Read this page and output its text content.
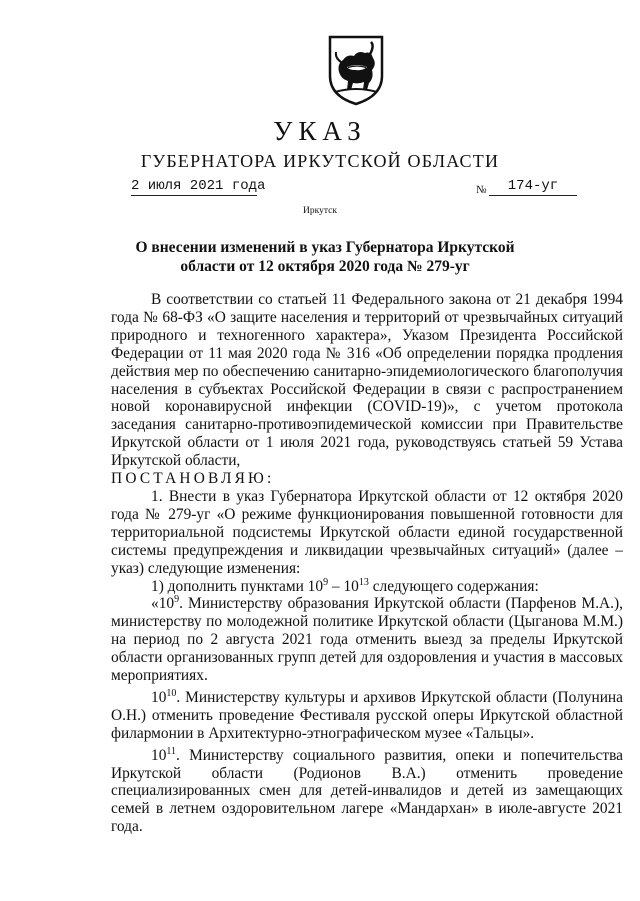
УКАЗ
ГУБЕРНАТОРА ИРКУТСКОЙ ОБЛАСТИ
2 июля 2021 года	№	174-уг
Иркутск
О внесении изменений в указ Губернатора Иркутской области от 12 октября 2020 года № 279-уг

В соответствии со статьей 11 Федерального закона от 21 декабря 1994 года № 68-ФЗ «О защите населения и территорий от чрезвычайных ситуаций природного и техногенного характера», Указом Президента Российской Федерации от 11 мая 2020 года № 316 «Об определении порядка продления действия мер по обеспечению санитарно-эпидемиологического благополучия населения в субъектах Российской Федерации в связи с распространением новой коронавирусной инфекции (COVID-19)», с учетом протокола заседания санитарно-противоэпидемической комиссии при Правительстве Иркутской области от 1 июля 2021 года, руководствуясь статьей 59 Устава Иркутской области,

ПОСТАНОВЛЯЮ:

1. Внести в указ Губернатора Иркутской области от 12 октября 2020 года № 279-уг «О режиме функционирования повышенной готовности для территориальной подсистемы Иркутской области единой государственной системы предупреждения и ликвидации чрезвычайных ситуаций» (далее – указ) следующие изменения:

1) дополнить пунктами $10^9 - 10^{13}$ следующего содержания:

«$10^9$. Министерству образования Иркутской области (Парфенов М.А.), министерству по молодежной политике Иркутской области (Цыганова М.М.) на период по 2 августа 2021 года отменить выезд за пределы Иркутской области организованных групп детей для оздоровления и участия в массовых мероприятиях.

$10^{10}$. Министерству культуры и архивов Иркутской области (Полунина О.Н.) отменить проведение Фестиваля русской оперы Иркутской областной филармонии в Архитектурно-этнографическом музее «Тальцы».

$10^{11}$. Министерству социального развития, опеки и попечительства Иркутской области (Родионов В.А.) отменить проведение специализированных смен для детей-инвалидов и детей из замещающих семей в летнем оздоровительном лагере «Мандархан» в июле-августе 2021 года.
